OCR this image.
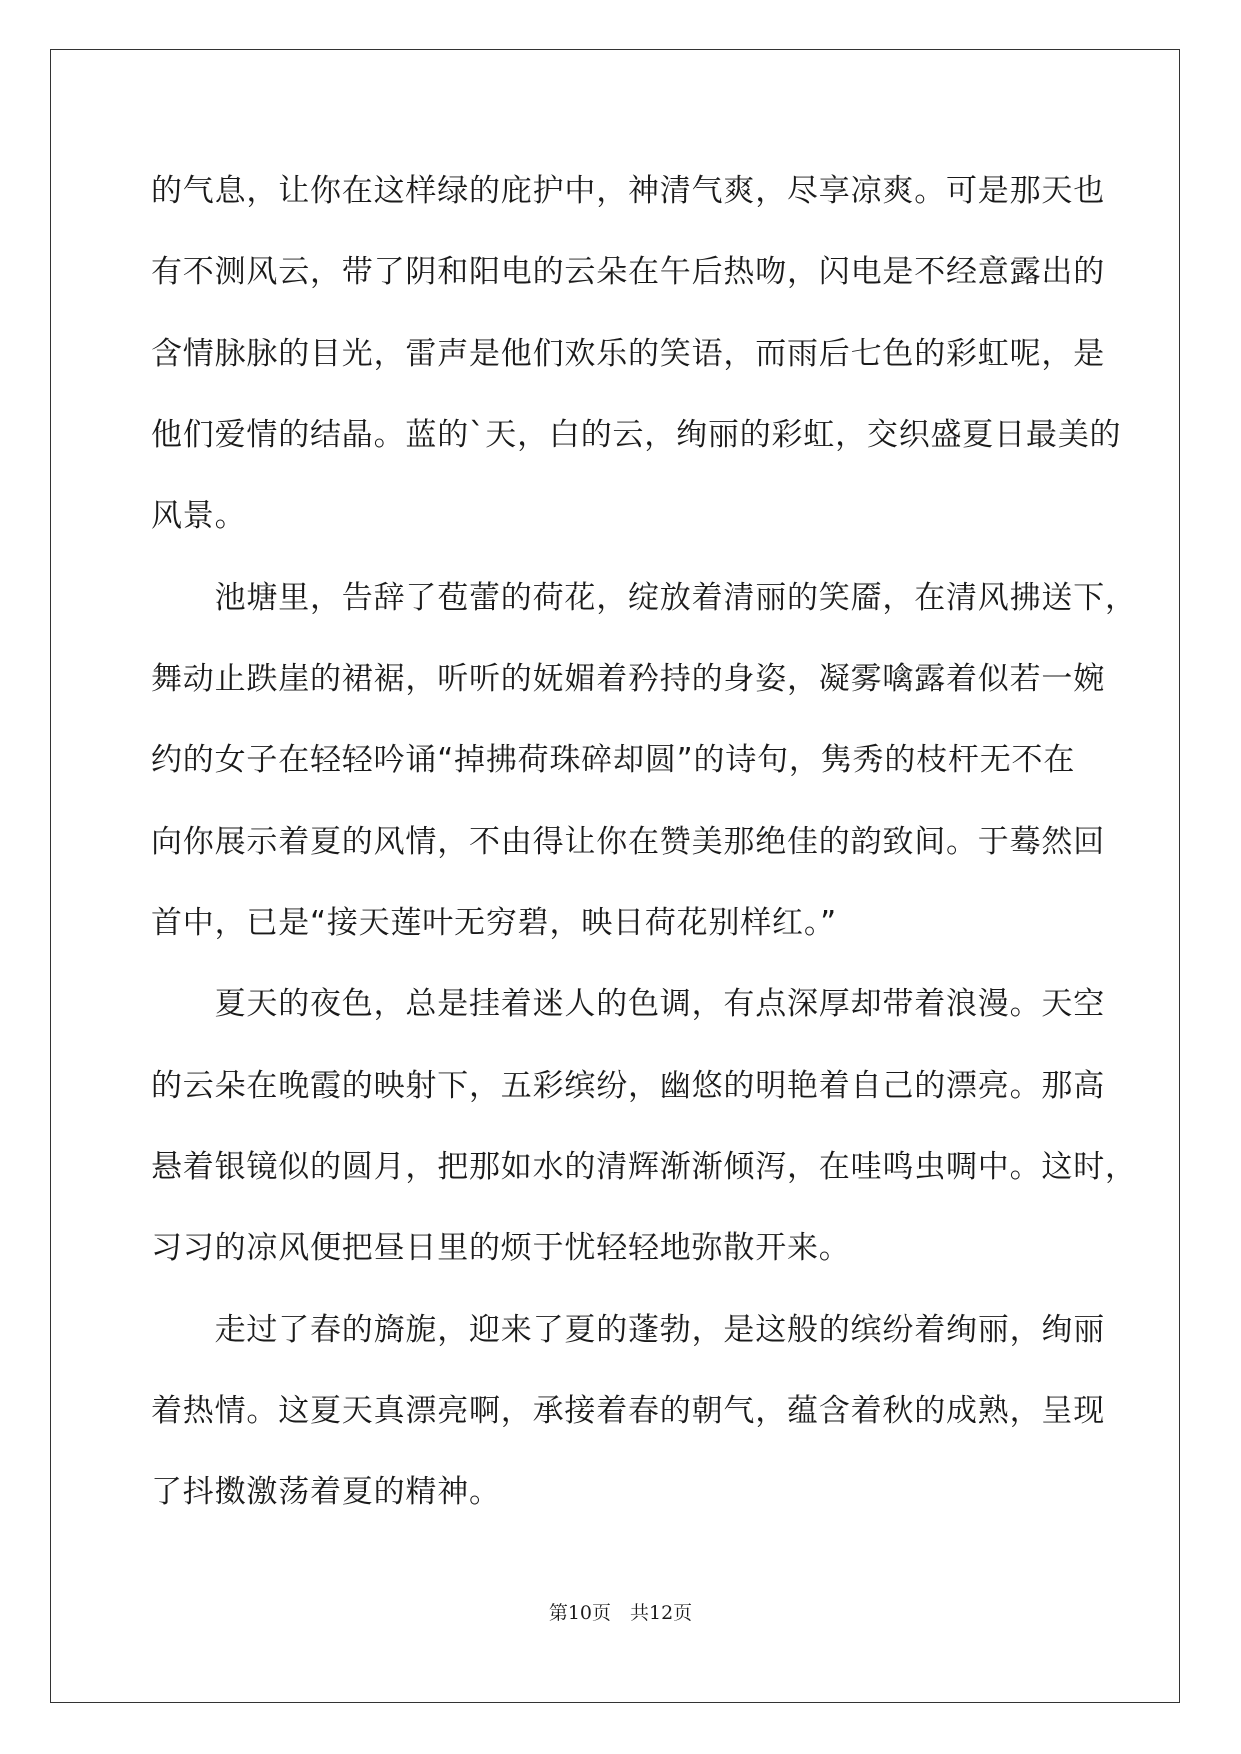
的气息，让你在这样绿的庇护中，神清气爽，尽享凉爽。可是那天也
有不测风云，带了阴和阳电的云朵在午后热吻，闪电是不经意露出的
含情脉脉的目光，雷声是他们欢乐的笑语，而雨后七色的彩虹呢，是
他们爱情的结晶。蓝的`天，白的云，绚丽的彩虹，交织盛夏日最美的
风景。
　　池塘里，告辞了苞蕾的荷花，绽放着清丽的笑靥，在清风拂送下，
舞动止跌崖的裙裾，听听的妩媚着矜持的身姿，凝雾噙露着似若一婉
约的女子在轻轻吟诵“掉拂荷珠碎却圆”的诗句，隽秀的枝杆无不在
向你展示着夏的风情，不由得让你在赞美那绝佳的韵致间。于蓦然回
首中，已是“接天莲叶无穷碧，映日荷花别样红。”
　　夏天的夜色，总是挂着迷人的色调，有点深厚却带着浪漫。天空
的云朵在晚霞的映射下，五彩缤纷，幽悠的明艳着自己的漂亮。那高
悬着银镜似的圆月，把那如水的清辉渐渐倾泻，在哇鸣虫啁中。这时，
习习的凉风便把昼日里的烦于忧轻轻地弥散开来。
　　走过了春的旖旎，迎来了夏的蓬勃，是这般的缤纷着绚丽，绚丽
着热情。这夏天真漂亮啊，承接着春的朝气，蕴含着秋的成熟，呈现
了抖擞激荡着夏的精神。
第10页　共12页
